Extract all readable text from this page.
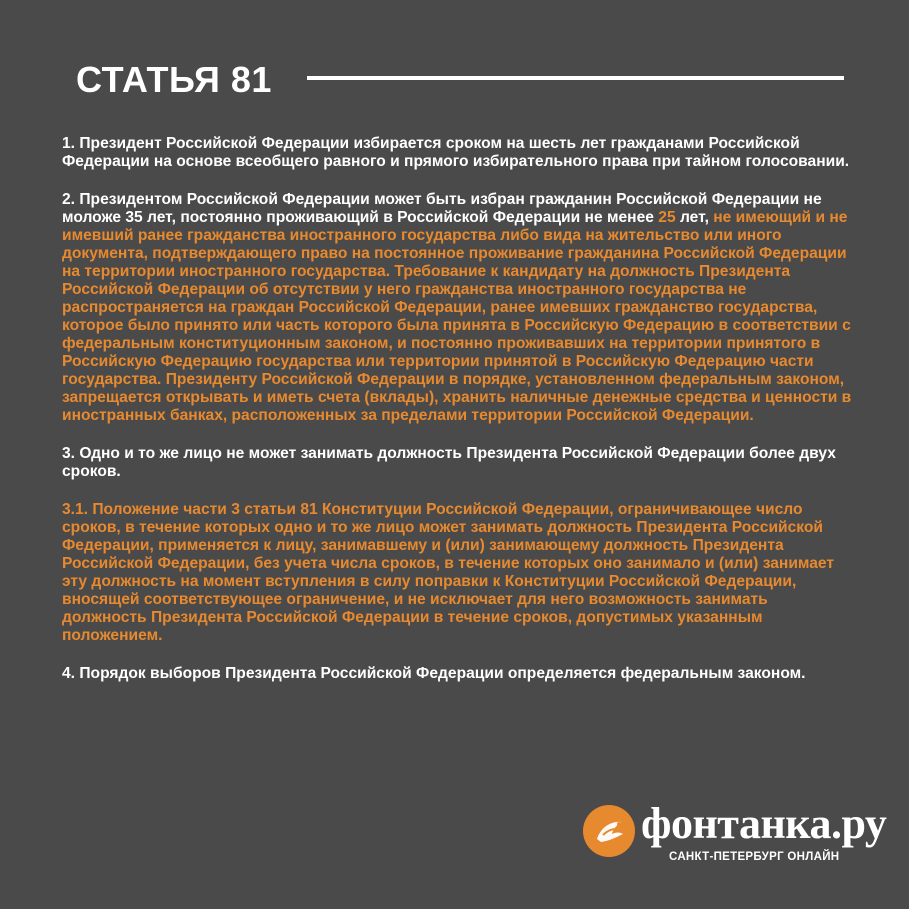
СТАТЬЯ 81

1. Президент Российской Федерации избирается сроком на шесть лет гражданами Российской Федерации на основе всеобщего равного и прямого избирательного права при тайном голосовании.

2. Президентом Российской Федерации может быть избран гражданин Российской Федерации не моложе 35 лет, постоянно проживающий в Российской Федерации не менее 25 лет, не имеющий и не имевший ранее гражданства иностранного государства либо вида на жительство или иного документа, подтверждающего право на постоянное проживание гражданина Российской Федерации на территории иностранного государства. Требование к кандидату на должность Президента Российской Федерации об отсутствии у него гражданства иностранного государства не распространяется на граждан Российской Федерации, ранее имевших гражданство государства, которое было принято или часть которого была принята в Российскую Федерацию в соответствии с федеральным конституционным законом, и постоянно проживавших на территории принятого в Российскую Федерацию государства или территории принятой в Российскую Федерацию части государства. Президенту Российской Федерации в порядке, установленном федеральным законом, запрещается открывать и иметь счета (вклады), хранить наличные денежные средства и ценности в иностранных банках, расположенных за пределами территории Российской Федерации.

3. Одно и то же лицо не может занимать должность Президента Российской Федерации более двух сроков.

3.1. Положение части 3 статьи 81 Конституции Российской Федерации, ограничивающее число сроков, в течение которых одно и то же лицо может занимать должность Президента Российской Федерации, применяется к лицу, занимавшему и (или) занимающему должность Президента Российской Федерации, без учета числа сроков, в течение которых оно занимало и (или) занимает эту должность на момент вступления в силу поправки к Конституции Российской Федерации, вносящей соответствующее ограничение, и не исключает для него возможность занимать должность Президента Российской Федерации в течение сроков, допустимых указанным положением.

4. Порядок выборов Президента Российской Федерации определяется федеральным законом.

фонтанка.ру
САНКТ-ПЕТЕРБУРГ ОНЛАЙН
